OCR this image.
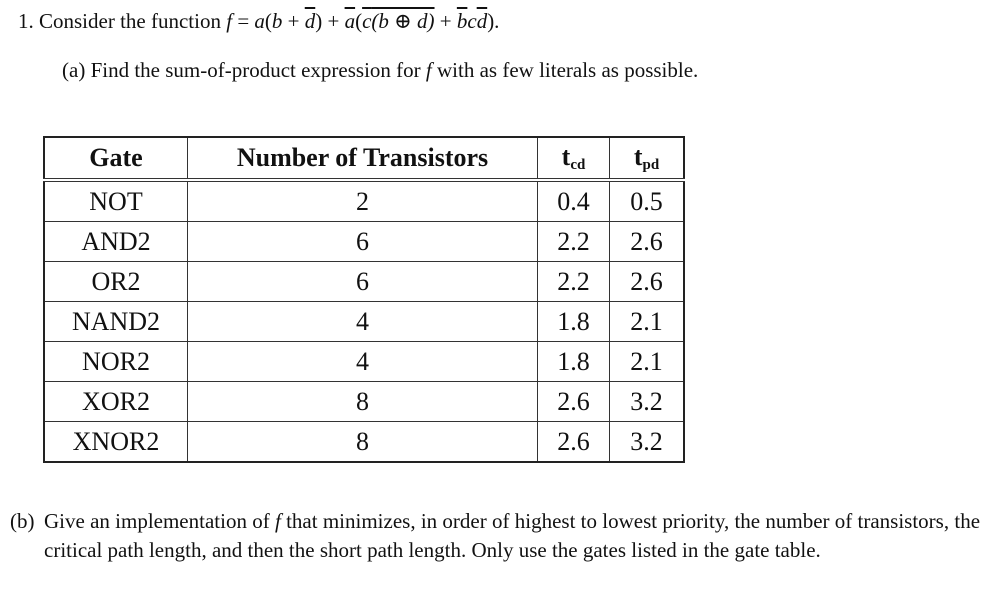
1. Consider the function $f = a(b + \overline{d}) + \overline{a}(\overline{c}(b$ ⊕ $d) + \overline{b}c\overline{d}$).
(a) Find the sum-of-product expression for f with as few literals as possible.
Gate	Number of Transistors	$t_{cd}$	$t_{pd}$
NOT	2	0.4	0.5
AND2	6	2.2	2.6
OR2	6	2.2	2.6
NAND2	4	1.8	2.1
NOR2	4	1.8	2.1
XOR2	8	2.6	3.2
XNOR2	8	2.6	3.2
(b) Give an implementation of f that minimizes, in order of highest to lowest priority, the number of transistors, the critical path length, and then the short path length. Only use the gates listed in the gate table.
